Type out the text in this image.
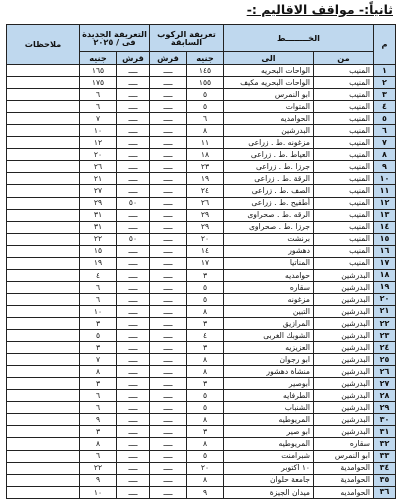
ثانياً:- مواقف الاقاليم :-
م	الخــــــــط		تعريفة الركوب السابقة		التعريفة الجديدة فى / ٢٠٢٥		ملاحظات
	من	الى	جنيه	قرش	قرش	جنيه	
١	المنيب	الواحات البحريه	١٤٥	ــــ	ــــ	١٦٥	
٢	المنيب	الواحات البحريه مكيف	١٥٥	ــــ	ــــ	١٧٥	
٣	المنيب	ابو النمرس	٥	ــــ	ــــ	٦	
٤	المنيب	المتوات	٥	ــــ	ــــ	٦	
٥	المنيب	الحوامديه	٦	ــــ	ــــ	٧	
٦	المنيب	البدرشين	٨	ــــ	ــــ	١٠	
٧	المنيب	مزغونه .ط . زراعى	١١	ــــ	ــــ	١٢	
٨	المنيب	العياط .ط . زراعى	١٨	ــــ	ــــ	٢٠	
٩	المنيب	جرزا .ط . زراعى	٢٣	ــــ	ــــ	٢٦	
١٠	المنيب	الرقة .ط . زراعى	١٩	ــــ	ــــ	٢١	
١١	المنيب	الصف .ط . زراعى	٢٤	ــــ	ــــ	٢٧	
١٢	المنيب	أطفيح .ط . زراعى	٢٦	ــــ	٥٠	٢٩	
١٣	المنيب	الرقه .ط . صحراوى	٢٩	ــــ	ــــ	٣١	
١٤	المنيب	جرزا .ط . صحراوى	٢٩	ــــ	ــــ	٣١	
١٥	المنيب	برنشت	٢٠	ــــ	٥٠	٢٢	
١٦	المنيب	دهشور	١٤	ــــ	ــــ	١٥	
١٧	المنيب	المناتيا	١٧	ــــ	ــــ	١٩	
١٨	البدرشين	حوامديه	٣	ــــ	ــــ	٤	
١٩	البدرشين	سقاره	٥	ــــ	ــــ	٦	
٢٠	البدرشين	مزغونه	٥	ــــ	ــــ	٦	
٢١	البدرشين	التبين	٨	ــــ	ــــ	١٠	
٢٢	البدرشين	المرازيق	٣	ــــ	ــــ	٣	
٢٣	البدرشين	الشوبك الغربى	٤	ــــ	ــــ	٥	
٢٤	البدرشين	العزيزيه	٣	ــــ	ــــ	٣	
٢٥	البدرشين	ابو رجوان	٨	ــــ	ــــ	٧	
٢٦	البدرشين	منشاة دهشور	٨	ــــ	ــــ	٨	
٢٧	البدرشين	أبوصير	٣	ــــ	ــــ	٣	
٢٨	البدرشين	الطرفايه	٥	ــــ	ــــ	٦	
٢٩	البدرشين	الشنباب	٥	ــــ	ــــ	٦	
٣٠	البدرشين	المريوطيه	٨	ــــ	ــــ	٩	
٣١	البدرشين	ابو صير	٣	ــــ	ــــ	٣	
٣٢	سقاره	المريوطيه	٨	ــــ	ــــ	٨	
٣٣	ابو النمرس	شبرامنت	٥	ــــ	ــــ	٦	
٣٤	الحوامدية	١٠ اكتوبر	٢٠	ــــ	ــــ	٢٢	
٣٥	الحوامدية	جامعة حلوان	٨	ــــ	ــــ	٩	
٣٦	الحوامديه	ميدان الجيزة	٩	ــــ	ــــ	١٠	
